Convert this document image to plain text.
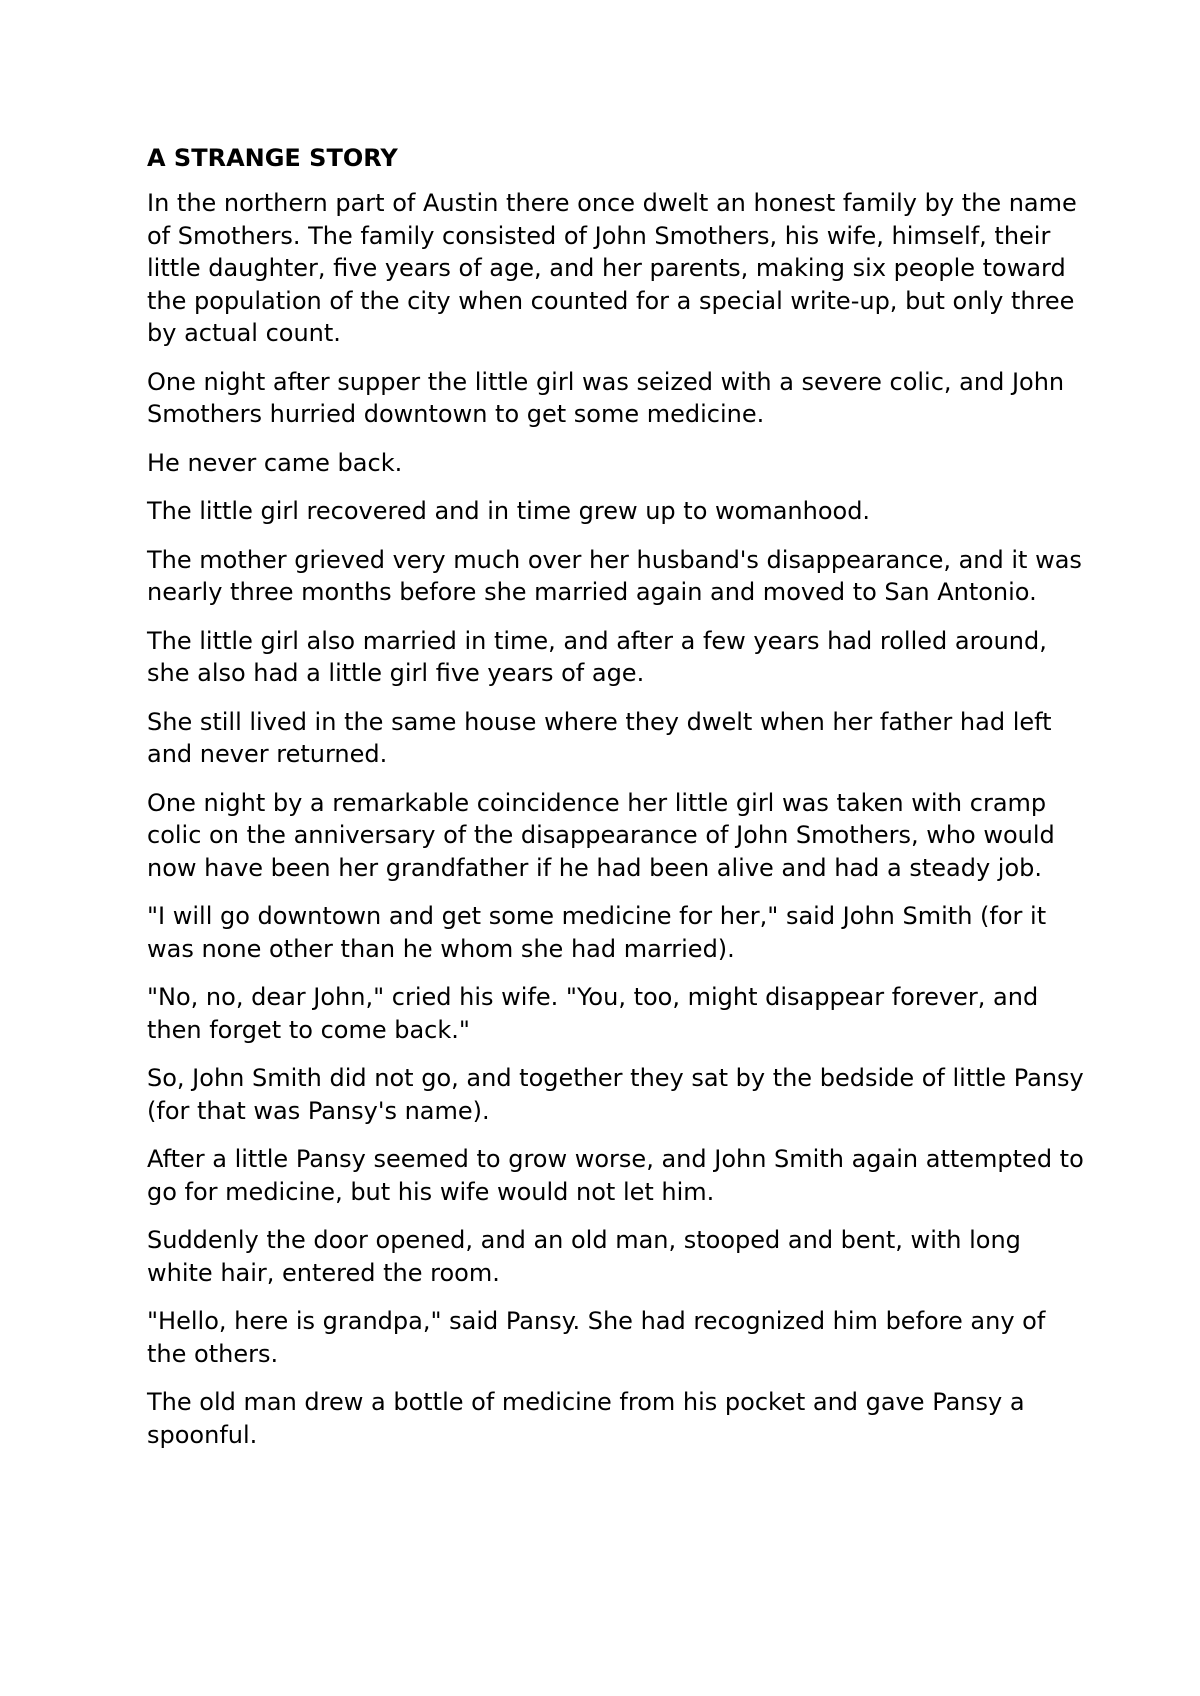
A STRANGE STORY

In the northern part of Austin there once dwelt an honest family by the name of Smothers. The family consisted of John Smothers, his wife, himself, their little daughter, five years of age, and her parents, making six people toward the population of the city when counted for a special write-up, but only three by actual count.

One night after supper the little girl was seized with a severe colic, and John Smothers hurried downtown to get some medicine.

He never came back.

The little girl recovered and in time grew up to womanhood.

The mother grieved very much over her husband's disappearance, and it was nearly three months before she married again and moved to San Antonio.

The little girl also married in time, and after a few years had rolled around, she also had a little girl five years of age.

She still lived in the same house where they dwelt when her father had left and never returned.

One night by a remarkable coincidence her little girl was taken with cramp colic on the anniversary of the disappearance of John Smothers, who would now have been her grandfather if he had been alive and had a steady job.

"I will go downtown and get some medicine for her," said John Smith (for it was none other than he whom she had married).

"No, no, dear John," cried his wife. "You, too, might disappear forever, and then forget to come back."

So, John Smith did not go, and together they sat by the bedside of little Pansy (for that was Pansy's name).

After a little Pansy seemed to grow worse, and John Smith again attempted to go for medicine, but his wife would not let him.

Suddenly the door opened, and an old man, stooped and bent, with long white hair, entered the room.

"Hello, here is grandpa," said Pansy. She had recognized him before any of the others.

The old man drew a bottle of medicine from his pocket and gave Pansy a spoonful.
